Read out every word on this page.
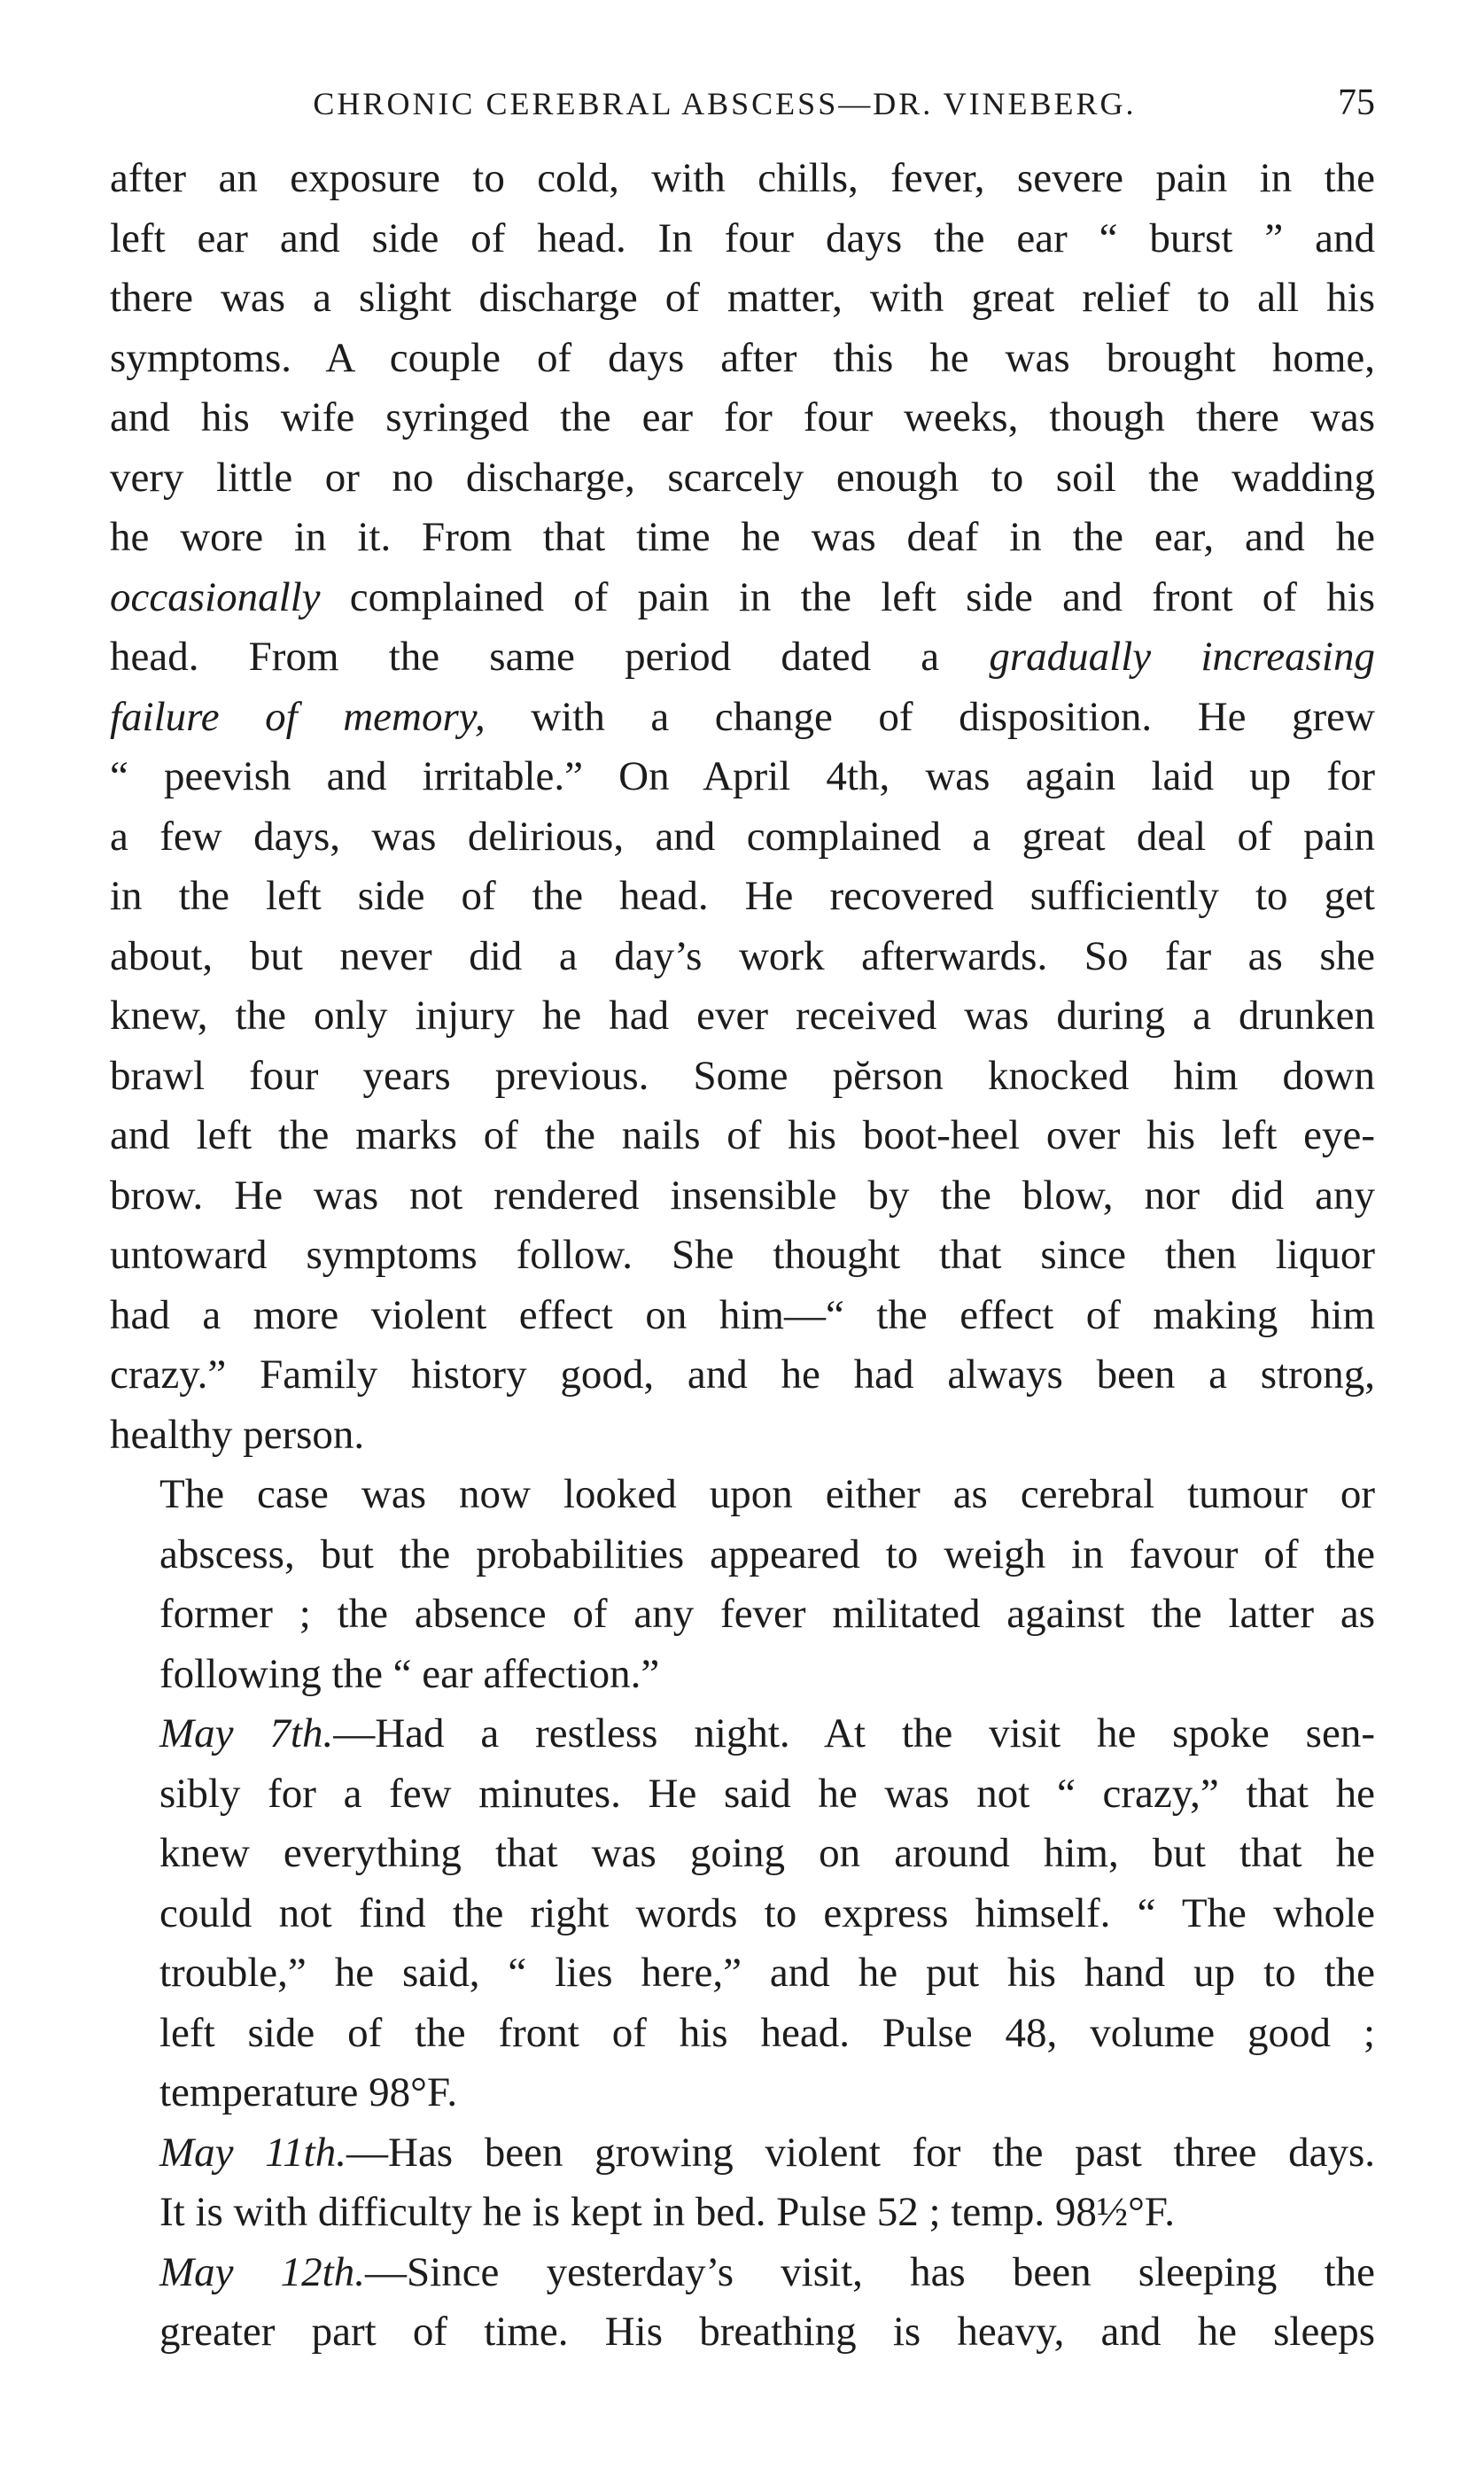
CHRONIC CEREBRAL ABSCESS—DR. VINEBERG.	75

after an exposure to cold, with chills, fever, severe pain in the
left ear and side of head. In four days the ear “ burst ” and
there was a slight discharge of matter, with great relief to all his
symptoms. A couple of days after this he was brought home,
and his wife syringed the ear for four weeks, though there was
very little or no discharge, scarcely enough to soil the wadding
he wore in it. From that time he was deaf in the ear, and he
occasionally complained of pain in the left side and front of his
head. From the same period dated a gradually increasing
failure of memory, with a change of disposition. He grew
“ peevish and irritable.” On April 4th, was again laid up for
a few days, was delirious, and complained a great deal of pain
in the left side of the head. He recovered sufficiently to get
about, but never did a day’s work afterwards. So far as she
knew, the only injury he had ever received was during a drunken
brawl four years previous. Some pĕrson knocked him down
and left the marks of the nails of his boot-heel over his left eye-
brow. He was not rendered insensible by the blow, nor did any
untoward symptoms follow. She thought that since then liquor
had a more violent effect on him—“ the effect of making him
crazy.” Family history good, and he had always been a strong,
healthy person.

The case was now looked upon either as cerebral tumour or
abscess, but the probabilities appeared to weigh in favour of the
former ; the absence of any fever militated against the latter as
following the “ ear affection.”

May 7th.—Had a restless night. At the visit he spoke sen-
sibly for a few minutes. He said he was not “ crazy,” that he
knew everything that was going on around him, but that he
could not find the right words to express himself. “ The whole
trouble,” he said, “ lies here,” and he put his hand up to the
left side of the front of his head. Pulse 48, volume good ;
temperature 98°F.

May 11th.—Has been growing violent for the past three days.
It is with difficulty he is kept in bed. Pulse 52 ; temp. 98½°F.

May 12th.—Since yesterday’s visit, has been sleeping the
greater part of time. His breathing is heavy, and he sleeps
